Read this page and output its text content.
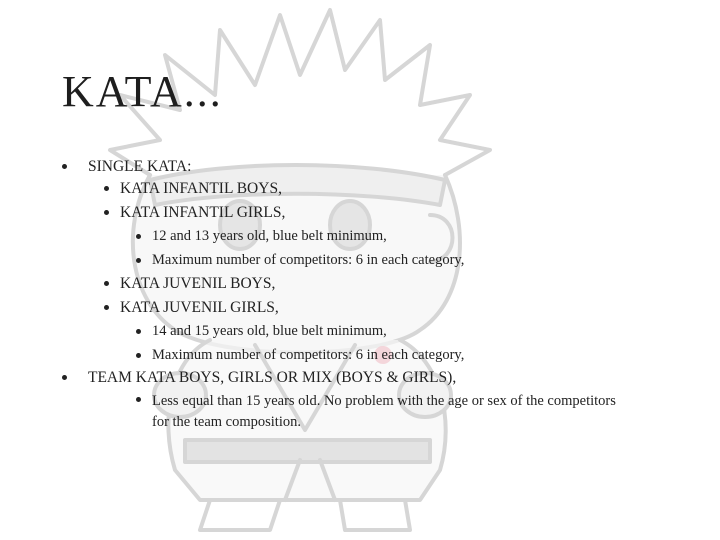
KATA...
SINGLE KATA:
KATA INFANTIL BOYS,
KATA INFANTIL GIRLS,
12 and 13 years old, blue belt minimum,
Maximum number of competitors: 6 in each category,
KATA JUVENIL BOYS,
KATA JUVENIL GIRLS,
14 and 15 years old, blue belt minimum,
Maximum number of competitors: 6 in each category,
TEAM KATA BOYS, GIRLS OR MIX (BOYS & GIRLS),
Less equal than 15 years old. No problem with the age or sex of the competitors for the team composition.
